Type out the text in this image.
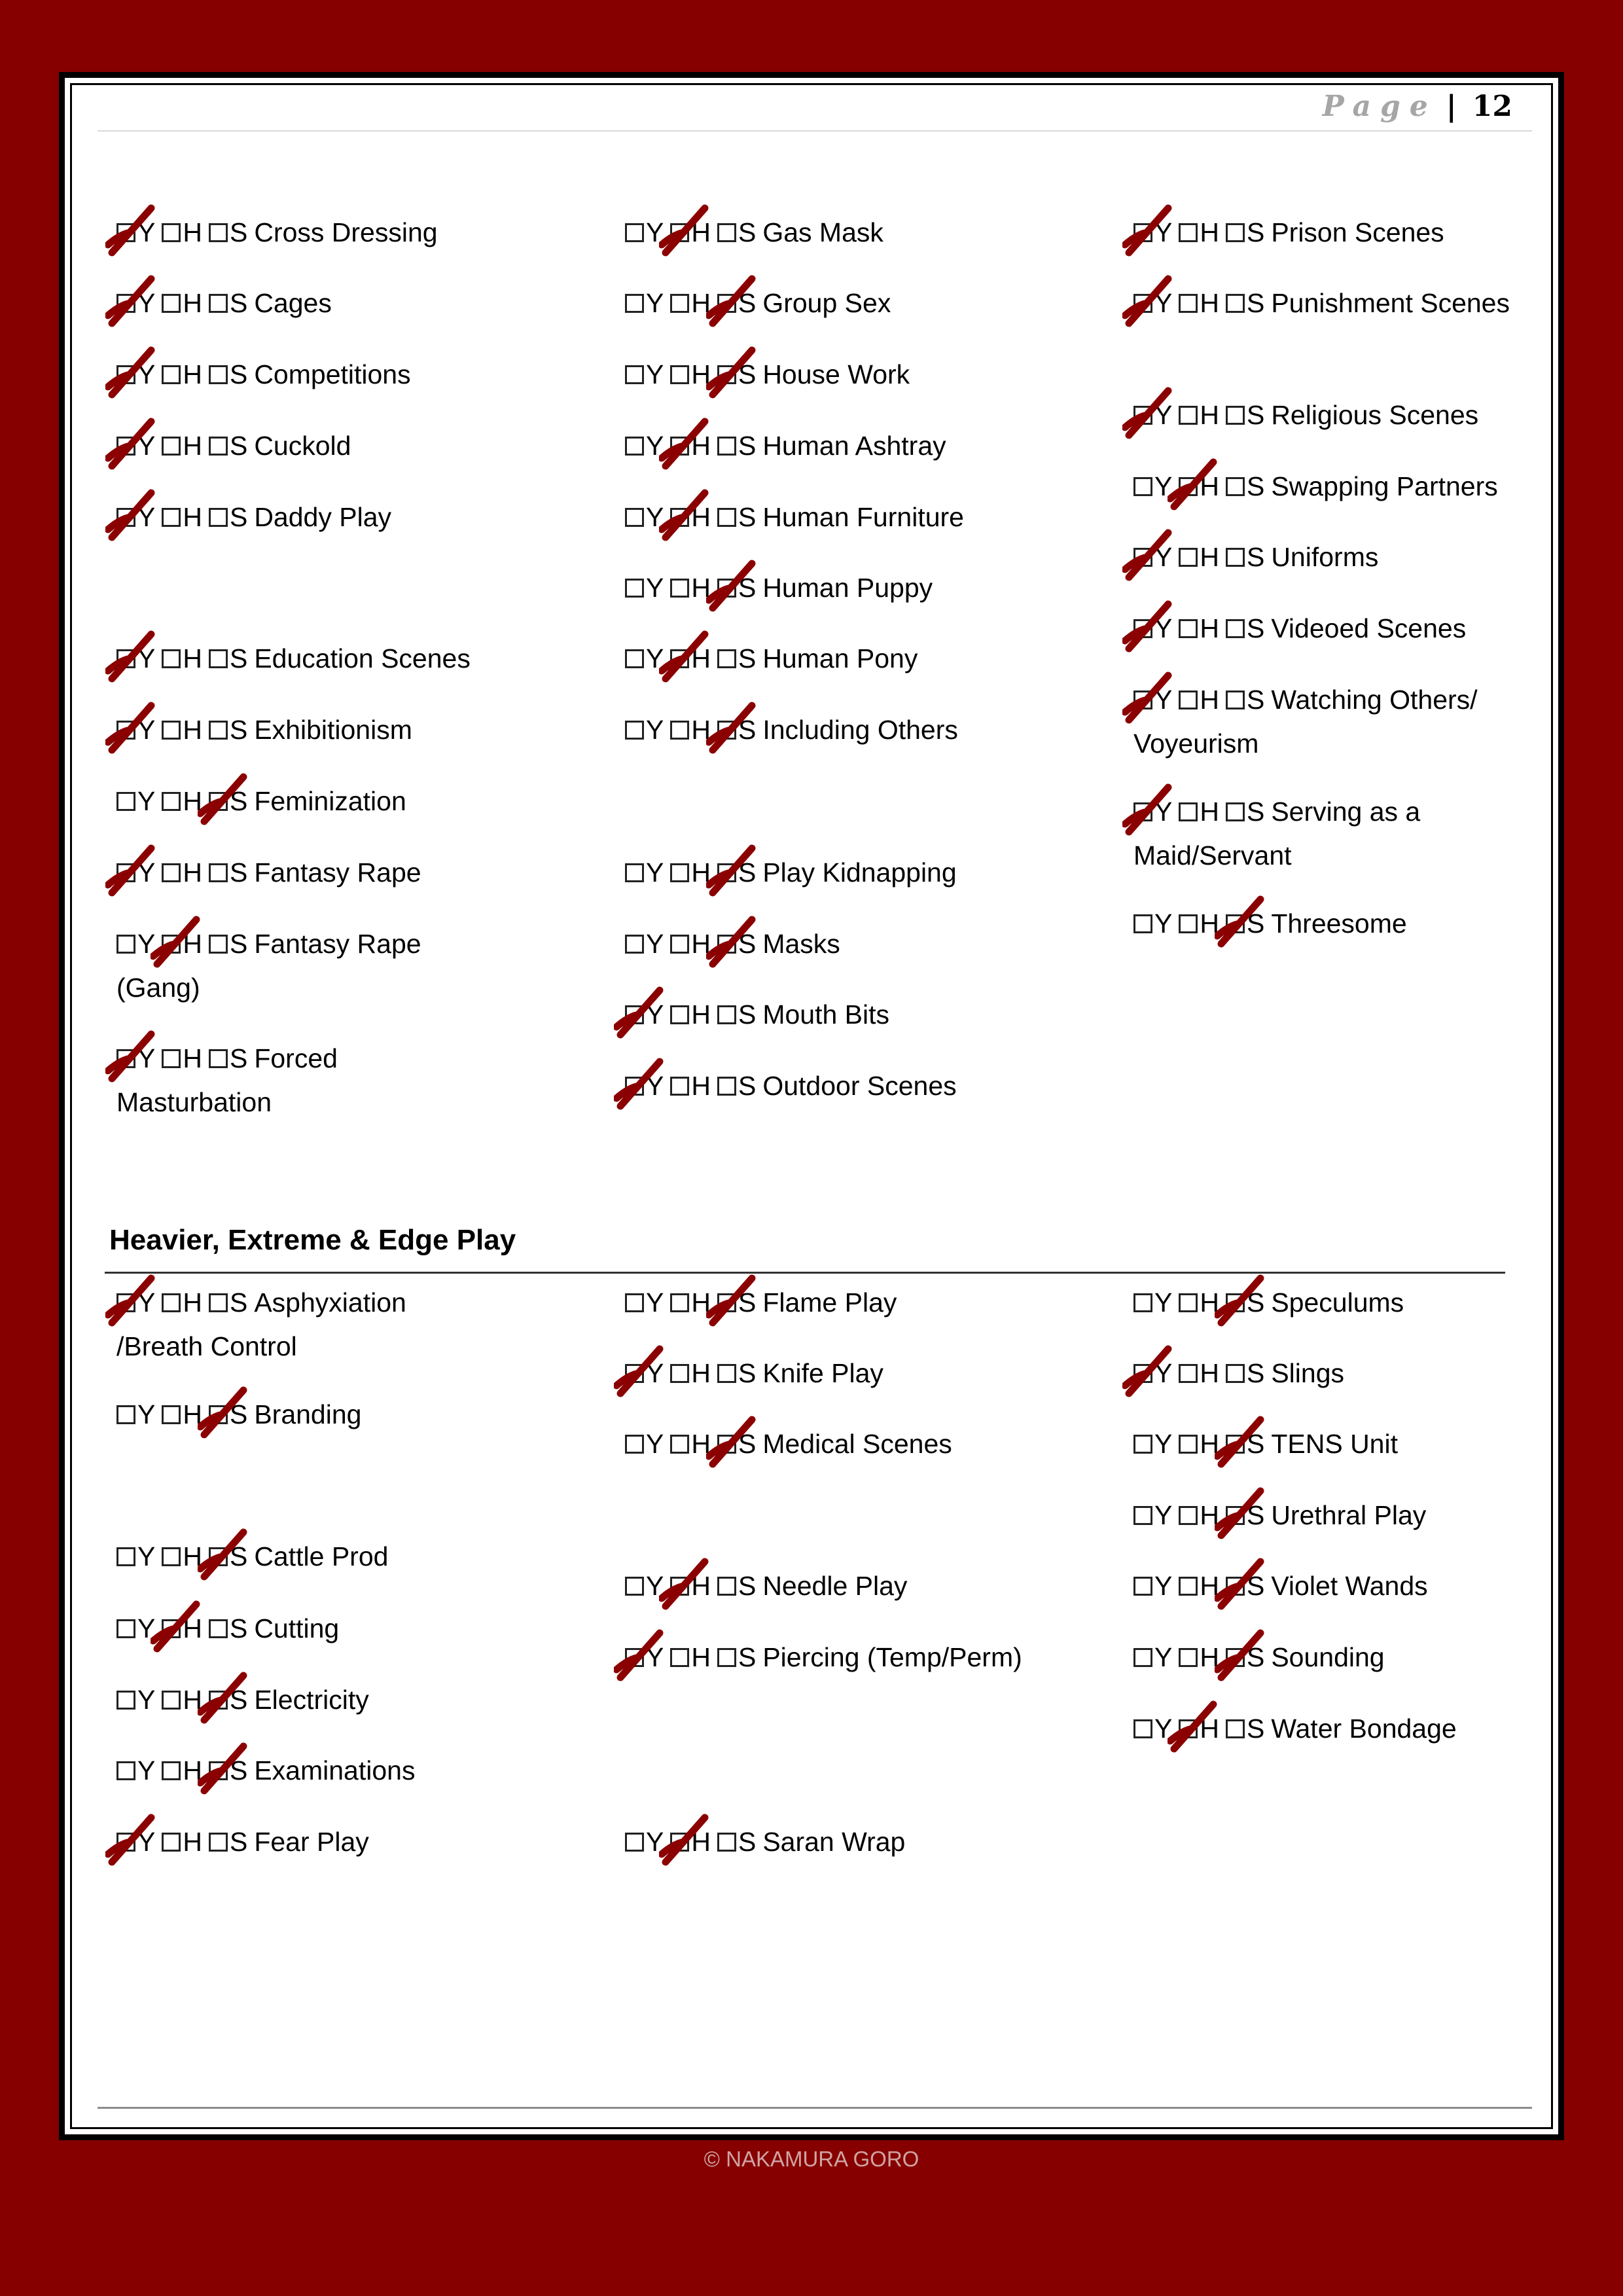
Page | 12
Y H S Cross Dressing
Y H S Cages
Y H S Competitions
Y H S Cuckold
Y H S Daddy Play
Y H S Education Scenes
Y H S Exhibitionism
Y H S Feminization
Y H S Fantasy Rape
Y H S Fantasy Rape (Gang)
Y H S Forced Masturbation
Y H S Gas Mask
Y H S Group Sex
Y H S House Work
Y H S Human Ashtray
Y H S Human Furniture
Y H S Human Puppy
Y H S Human Pony
Y H S Including Others
Y H S Play Kidnapping
Y H S Masks
Y H S Mouth Bits
Y H S Outdoor Scenes
Y H S Prison Scenes
Y H S Punishment Scenes
Y H S Religious Scenes
Y H S Swapping Partners
Y H S Uniforms
Y H S Videoed Scenes
Y H S Watching Others/ Voyeurism
Y H S Serving as a Maid/Servant
Y H S Threesome
Y H S Asphyxiation /Breath Control
Y H S Branding
Y H S Cattle Prod
Y H S Cutting
Y H S Electricity
Y H S Examinations
Y H S Fear Play
Y H S Flame Play
Y H S Knife Play
Y H S Medical Scenes
Y H S Needle Play
Y H S Piercing (Temp/Perm)
Y H S Saran Wrap
Y H S Speculums
Y H S Slings
Y H S TENS Unit
Y H S Urethral Play
Y H S Violet Wands
Y H S Sounding
Y H S Water Bondage
Heavier, Extreme & Edge Play
© NAKAMURA GORO
